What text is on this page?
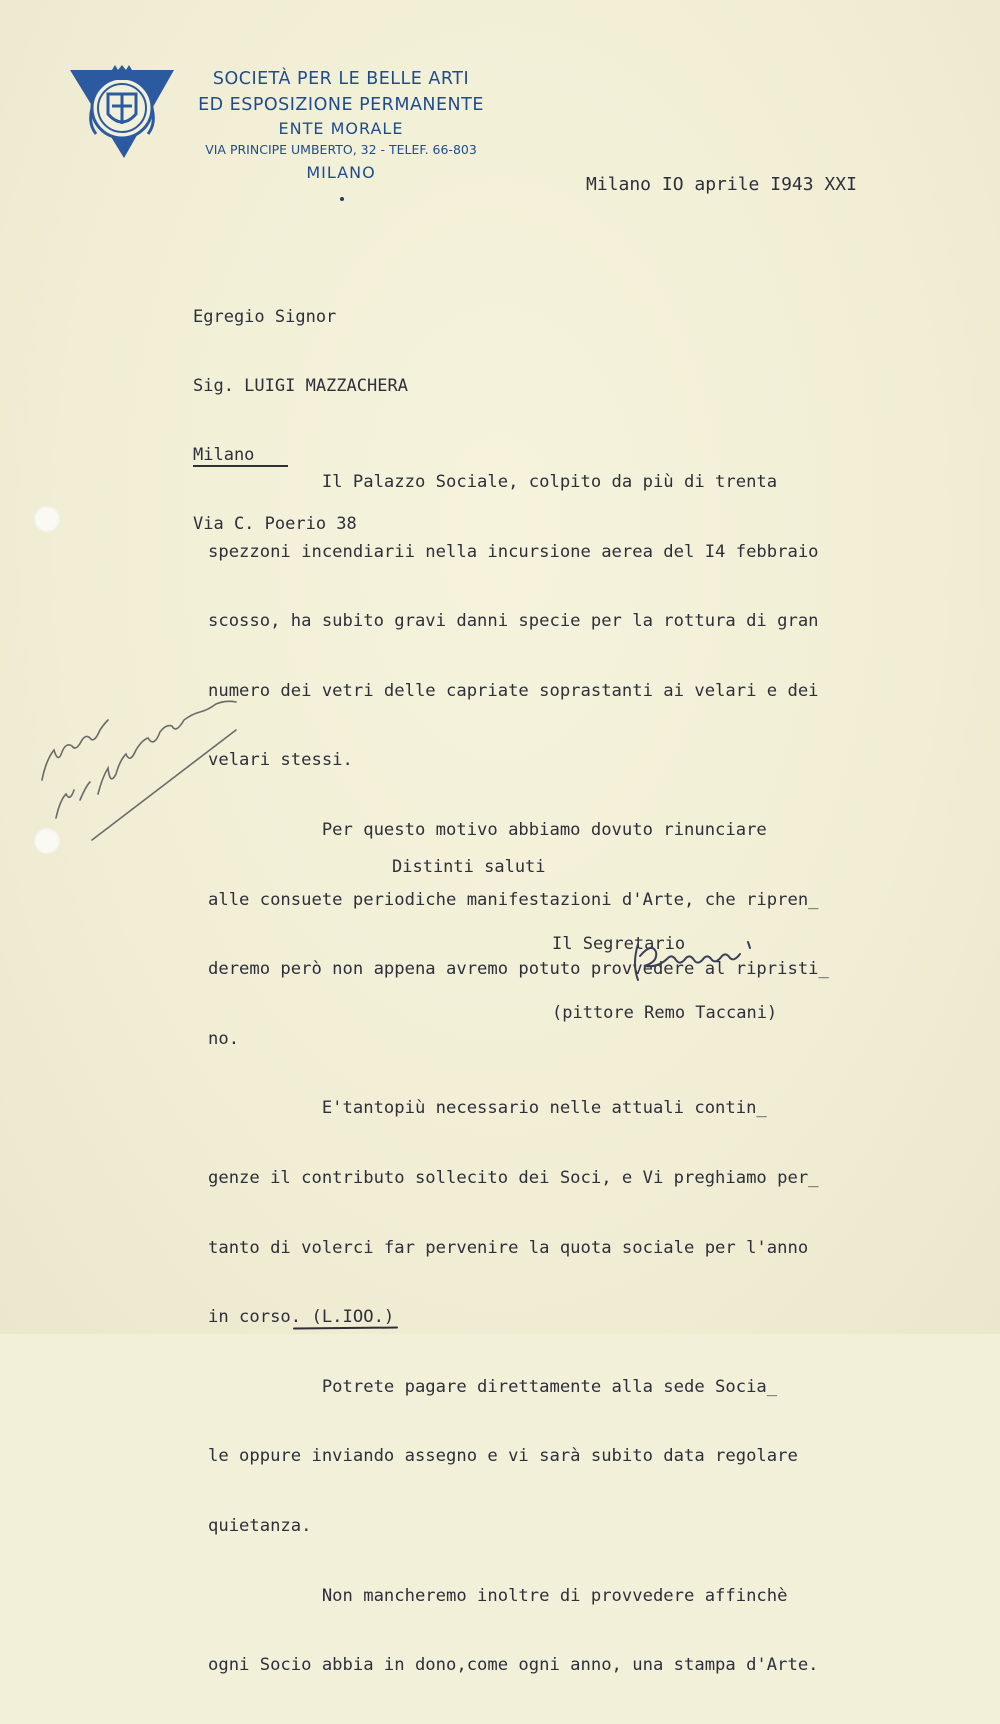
SOCIETÀ PER LE BELLE ARTI
ED ESPOSIZIONE PERMANENTE
ENTE MORALE
VIA PRINCIPE UMBERTO, 32 - TELEF. 66-803
MILANO
Milano IO aprile I943 XXI

Egregio Signor

Sig. LUIGI MAZZACHERA

Milano

Via C. Poerio 38

Il Palazzo Sociale, colpito da più di trenta

spezzoni incendiarii nella incursione aerea del I4 febbraio

scosso, ha subito gravi danni specie per la rottura di gran

numero dei vetri delle capriate soprastanti ai velari e dei

velari stessi.

Per questo motivo abbiamo dovuto rinunciare

alle consuete periodiche manifestazioni d'Arte, che ripren_

deremo però non appena avremo potuto provvedere al ripristi_

no.

E'tantopiù necessario nelle attuali contin_

genze il contributo sollecito dei Soci, e Vi preghiamo per_

tanto di volerci far pervenire la quota sociale per l'anno

in corso. (L.IOO.)

Potrete pagare direttamente alla sede Socia_

le oppure inviando assegno e vi sarà subito data regolare

quietanza.

Non mancheremo inoltre di provvedere affinchè

ogni Socio abbia in dono,come ogni anno, una stampa d'Arte.

Distinti saluti

Il Segretario

(pittore Remo Taccani)
